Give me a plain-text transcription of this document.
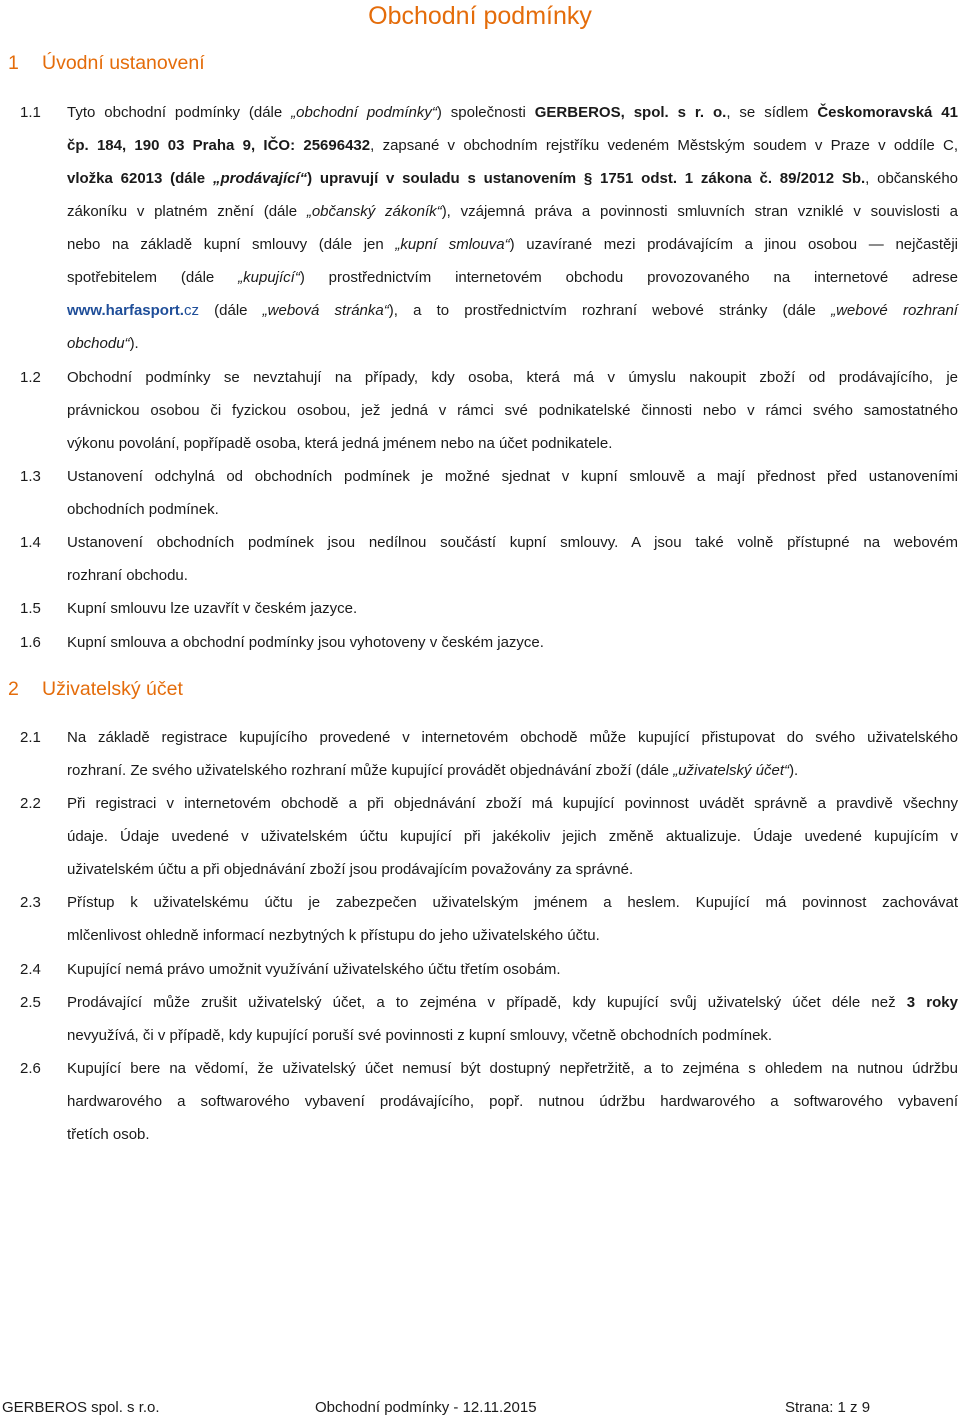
Obchodní podmínky
1 Úvodní ustanovení
1.1	Tyto obchodní podmínky (dále „obchodní podmínky“) společnosti GERBEROS, spol. s r. o., se sídlem Českomoravská 41
čp. 184, 190 03 Praha 9, IČO: 25696432, zapsané v obchodním rejstříku vedeném Městským soudem v Praze v oddíle C,
vložka 62013 (dále „prodávající“) upravují v souladu s ustanovením § 1751 odst. 1 zákona č. 89/2012 Sb., občanského
zákoníku v platném znění (dále „občanský zákoník“), vzájemná práva a povinnosti smluvních stran vzniklé v souvislosti a
nebo na základě kupní smlouvy (dále jen „kupní smlouva“) uzavírané mezi prodávajícím a jinou osobou — nejčastěji
spotřebitelem (dále „kupující“) prostřednictvím internetovém obchodu provozovaného na internetové adrese
www.harfasport.cz (dále „webová stránka“), a to prostřednictvím rozhraní webové stránky (dále „webové rozhraní
obchodu“).
1.2	Obchodní podmínky se nevztahují na případy, kdy osoba, která má v úmyslu nakoupit zboží od prodávajícího, je
právnickou osobou či fyzickou osobou, jež jedná v rámci své podnikatelské činnosti nebo v rámci svého samostatného
výkonu povolání, popřípadě osoba, která jedná jménem nebo na účet podnikatele.
1.3	Ustanovení odchylná od obchodních podmínek je možné sjednat v kupní smlouvě a mají přednost před ustanoveními
obchodních podmínek.
1.4	Ustanovení obchodních podmínek jsou nedílnou součástí kupní smlouvy. A jsou také volně přístupné na webovém
rozhraní obchodu.
1.5	Kupní smlouvu lze uzavřít v českém jazyce.
1.6	Kupní smlouva a obchodní podmínky jsou vyhotoveny v českém jazyce.
2 Uživatelský účet
2.1	Na základě registrace kupujícího provedené v internetovém obchodě může kupující přistupovat do svého uživatelského
rozhraní. Ze svého uživatelského rozhraní může kupující provádět objednávání zboží (dále „uživatelský účet“).
2.2	Při registraci v internetovém obchodě a při objednávání zboží má kupující povinnost uvádět správně a pravdivě všechny
údaje. Údaje uvedené v uživatelském účtu kupující při jakékoliv jejich změně aktualizuje. Údaje uvedené kupujícím v
uživatelském účtu a při objednávání zboží jsou prodávajícím považovány za správné.
2.3	Přístup k uživatelskému účtu je zabezpečen uživatelským jménem a heslem. Kupující má povinnost zachovávat
mlčenlivost ohledně informací nezbytných k přístupu do jeho uživatelského účtu.
2.4	Kupující nemá právo umožnit využívání uživatelského účtu třetím osobám.
2.5	Prodávající může zrušit uživatelský účet, a to zejména v případě, kdy kupující svůj uživatelský účet déle než 3 roky
nevyužívá, či v případě, kdy kupující poruší své povinnosti z kupní smlouvy, včetně obchodních podmínek.
2.6	Kupující bere na vědomí, že uživatelský účet nemusí být dostupný nepřetržitě, a to zejména s ohledem na nutnou údržbu
hardwarového a softwarového vybavení prodávajícího, popř. nutnou údržbu hardwarového a softwarového vybavení
třetích osob.
GERBEROS spol. s r.o.	Obchodní podmínky - 12.11.2015	Strana: 1 z 9
